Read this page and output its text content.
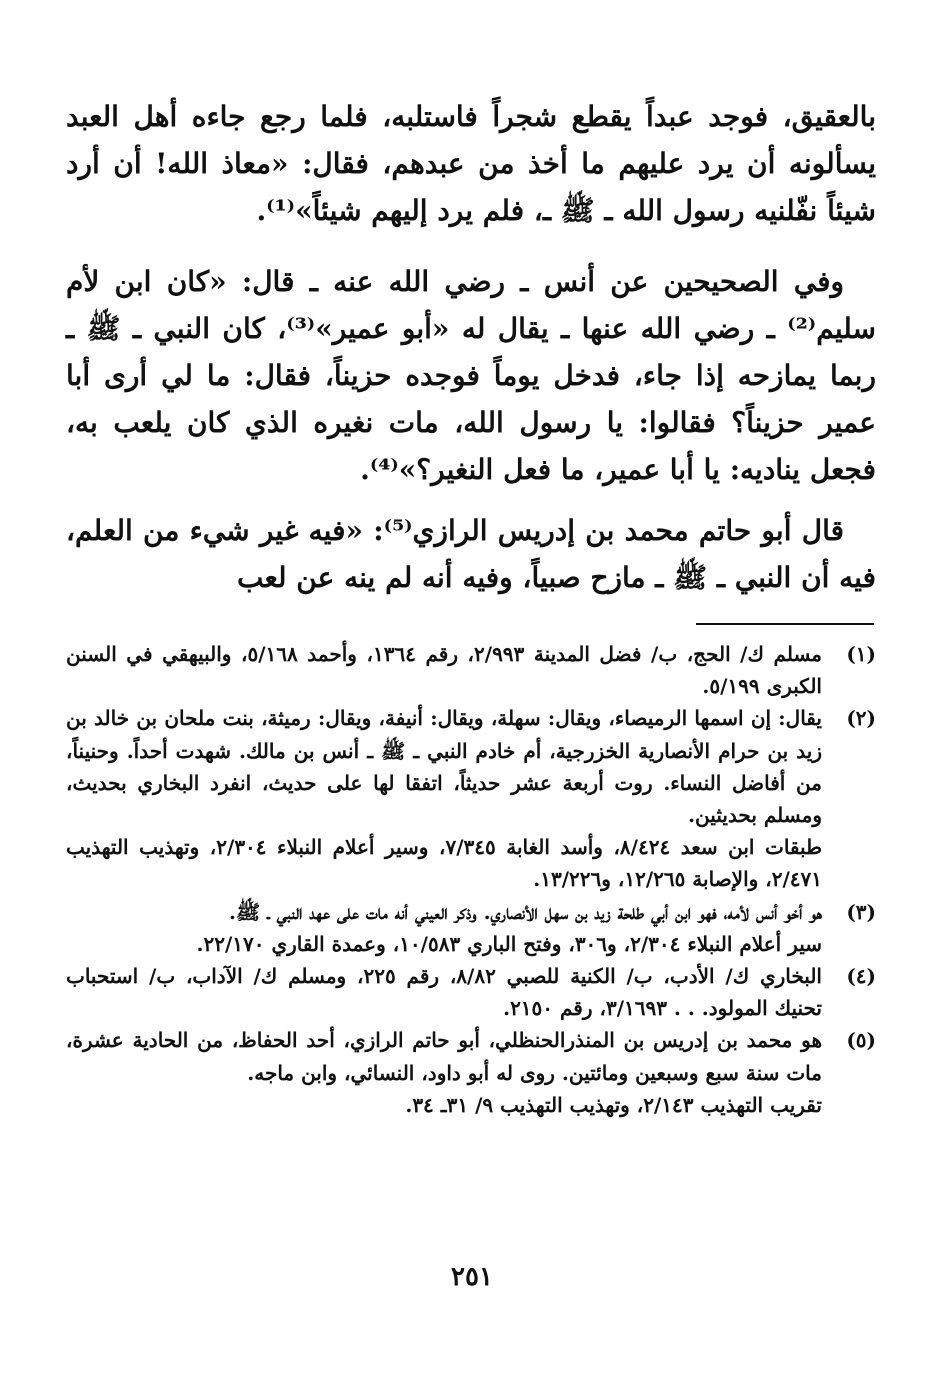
بالعقيق، فوجد عبداً يقطع شجراً فاستلبه، فلما رجع جاءه أهل العبد يسألونه أن يرد عليهم ما أخذ من عبدهم، فقال: «معاذ الله! أن أرد شيئاً نفّلنيه رسول الله ـ ﷺ ـ، فلم يرد إليهم شيئاً»⁽¹⁾.

وفي الصحيحين عن أنس ـ رضي الله عنه ـ قال: «كان ابن لأم سليم⁽²⁾ ـ رضي الله عنها ـ يقال له «أبو عمير»⁽³⁾، كان النبي ـ ﷺ ـ ربما يمازحه إذا جاء، فدخل يوماً فوجده حزيناً، فقال: ما لي أرى أبا عمير حزيناً؟ فقالوا: يا رسول الله، مات نغيره الذي كان يلعب به، فجعل يناديه: يا أبا عمير، ما فعل النغير؟»⁽⁴⁾.

قال أبو حاتم محمد بن إدريس الرازي⁽⁵⁾: «فيه غير شيء من العلم، فيه أن النبي ـ ﷺ ـ مازح صبياً، وفيه أنه لم ينه عن لعب

(١)
مسلم ك/ الحج، ب/ فضل المدينة ٢/٩٩٣، رقم ١٣٦٤، وأحمد ٥/١٦٨، والبيهقي في السنن الكبرى ٥/١٩٩.
(٢)
يقال: إن اسمها الرميصاء، ويقال: سهلة، ويقال: أنيفة، ويقال: رميثة، بنت ملحان بن خالد بن زيد بن حرام الأنصارية الخزرجية، أم خادم النبي ـ ﷺ ـ أنس بن مالك. شهدت أحداً. وحنيناً، من أفاضل النساء. روت أربعة عشر حديثاً، اتفقا لها على حديث، انفرد البخاري بحديث، ومسلم بحديثين.
طبقات ابن سعد ٨/٤٢٤، وأسد الغابة ٧/٣٤٥، وسير أعلام النبلاء ٢/٣٠٤، وتهذيب التهذيب ٢/٤٧١، والإصابة ١٢/٢٦٥، و١٣/٢٢٦.
(٣)
هو أخو أنس لأمه، فهو ابن أبي طلحة زيد بن سهل الأنصاري. وذكر العيني أنه مات على عهد النبي ـ ﷺ.
سير أعلام النبلاء ٢/٣٠٤، و٣٠٦، وفتح الباري ١٠/٥٨٣، وعمدة القاري ٢٢/١٧٠.
(٤)
البخاري ك/ الأدب، ب/ الكنية للصبي ٨/٨٢، رقم ٢٢٥، ومسلم ك/ الآداب، ب/ استحباب تحنيك المولود. . . ٣/١٦٩٣، رقم ٢١٥٠.
(٥)
هو محمد بن إدريس بن المنذرالحنظلي، أبو حاتم الرازي، أحد الحفاظ، من الحادية عشرة، مات سنة سبع وسبعين ومائتين. روى له أبو داود، النسائي، وابن ماجه.
تقريب التهذيب ٢/١٤٣، وتهذيب التهذيب ٩/ ٣١ـ ٣٤.
٢٥١
